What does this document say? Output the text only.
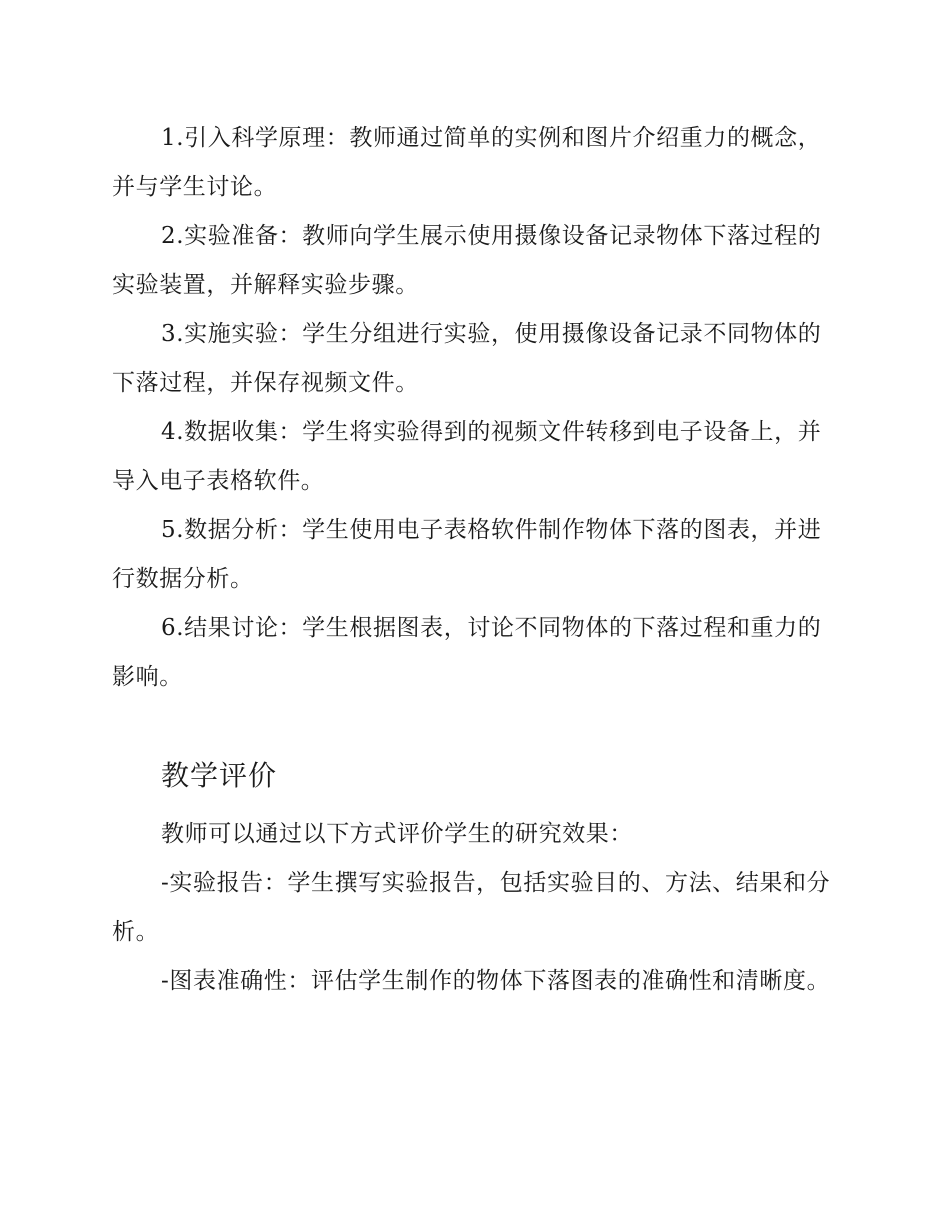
1.引入科学原理：教师通过简单的实例和图片介绍重力的概念，并与学生讨论。

2.实验准备：教师向学生展示使用摄像设备记录物体下落过程的实验装置，并解释实验步骤。

3.实施实验：学生分组进行实验，使用摄像设备记录不同物体的下落过程，并保存视频文件。

4.数据收集：学生将实验得到的视频文件转移到电子设备上，并导入电子表格软件。

5.数据分析：学生使用电子表格软件制作物体下落的图表，并进行数据分析。

6.结果讨论：学生根据图表，讨论不同物体的下落过程和重力的影响。

教学评价

教师可以通过以下方式评价学生的研究效果：

-实验报告：学生撰写实验报告，包括实验目的、方法、结果和分析。

-图表准确性：评估学生制作的物体下落图表的准确性和清晰度。
